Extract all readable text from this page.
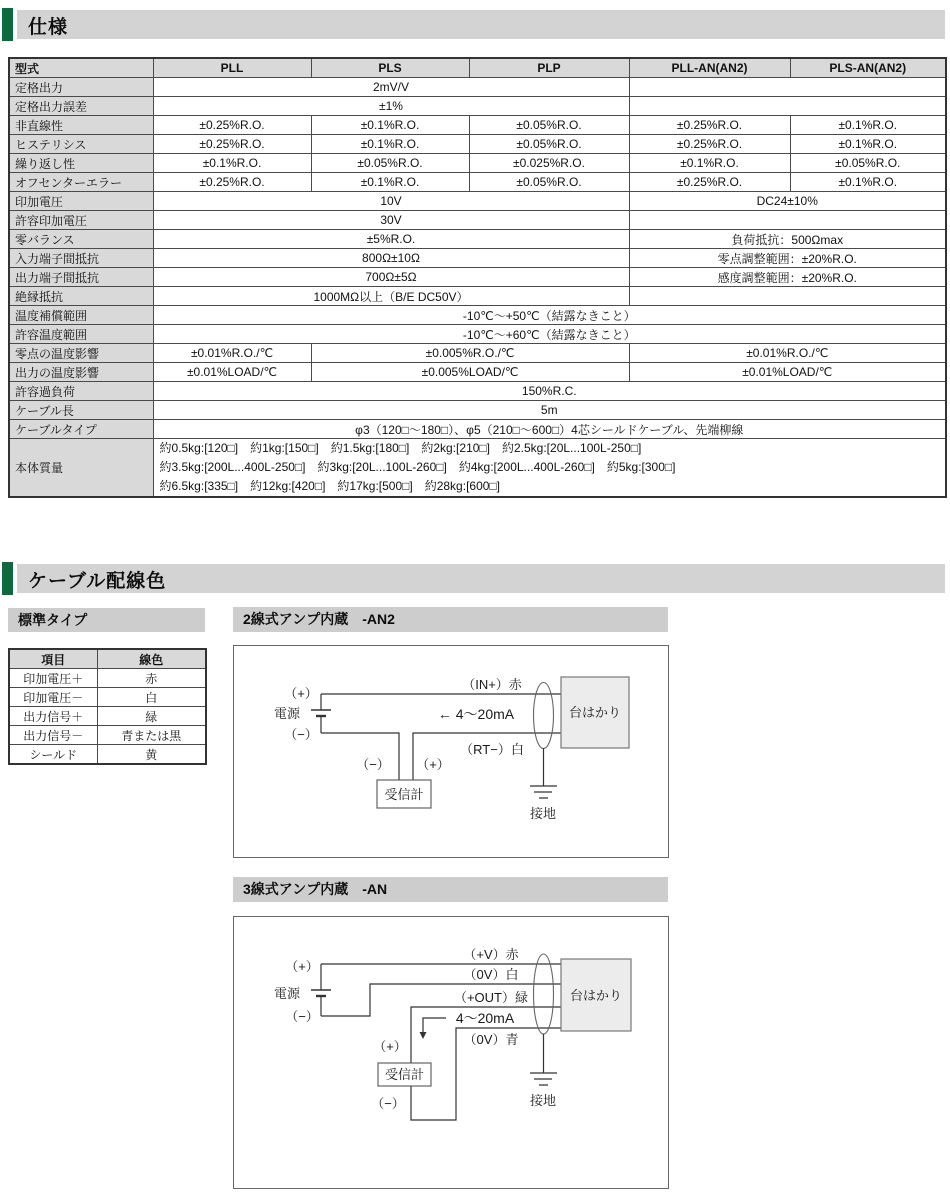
仕様
型式	PLL	PLS	PLP	PLL-AN(AN2)	PLS-AN(AN2)
定格出力	2mV/V				
定格出力誤差	±1%				
非直線性	±0.25%R.O.	±0.1%R.O.	±0.05%R.O.	±0.25%R.O.	±0.1%R.O.
ヒステリシス	±0.25%R.O.	±0.1%R.O.	±0.05%R.O.	±0.25%R.O.	±0.1%R.O.
繰り返し性	±0.1%R.O.	±0.05%R.O.	±0.025%R.O.	±0.1%R.O.	±0.05%R.O.
オフセンターエラー	±0.25%R.O.	±0.1%R.O.	±0.05%R.O.	±0.25%R.O.	±0.1%R.O.
印加電圧	10V			DC24±10%	
許容印加電圧	30V				
零バランス	±5%R.O.			負荷抵抗：500Ωmax	
入力端子間抵抗	800Ω±10Ω			零点調整範囲：±20%R.O.	
出力端子間抵抗	700Ω±5Ω			感度調整範囲：±20%R.O.	
絶縁抵抗	1000MΩ以上（B/E DC50V）				
温度補償範囲	-10℃～+50℃（結露なきこと）				
許容温度範囲	-10℃～+60℃（結露なきこと）				
零点の温度影響	±0.01%R.O./℃	±0.005%R.O./℃		±0.01%R.O./℃	
出力の温度影響	±0.01%LOAD/℃	±0.005%LOAD/℃		±0.01%LOAD/℃	
許容過負荷	150%R.C.				
ケーブル長	5m				
ケーブルタイプ	φ3（120□～180□）、φ5（210□～600□）4芯シールドケーブル、先端柳線				
本体質量	約0.5kg:[120□]　約1kg:[150□]　約1.5kg:[180□]　約2kg:[210□]　約2.5kg:[20L...100L-250□]
約3.5kg:[200L...400L-250□]　約3kg:[20L...100L-260□]　約4kg:[200L...400L-260□]　約5kg:[300□]
約6.5kg:[335□]　約12kg:[420□]　約17kg:[500□]　約28kg:[600□]				
ケーブル配線色
標準タイプ
項目	線色
印加電圧＋	赤
印加電圧－	白
出力信号＋	緑
出力信号－	青または黒
シールド	黄
2線式アンプ内蔵　-AN2
（+）
電源
（−）
（IN+）赤
← 4～20mA
（RT−）白
（−） （+）
受信計
台はかり
接地
3線式アンプ内蔵　-AN
（+）
電源
（−）
（+V）赤
（0V）白
（+OUT）緑
4～20mA
（0V）青
（+）
受信計
（−）
台はかり
接地
